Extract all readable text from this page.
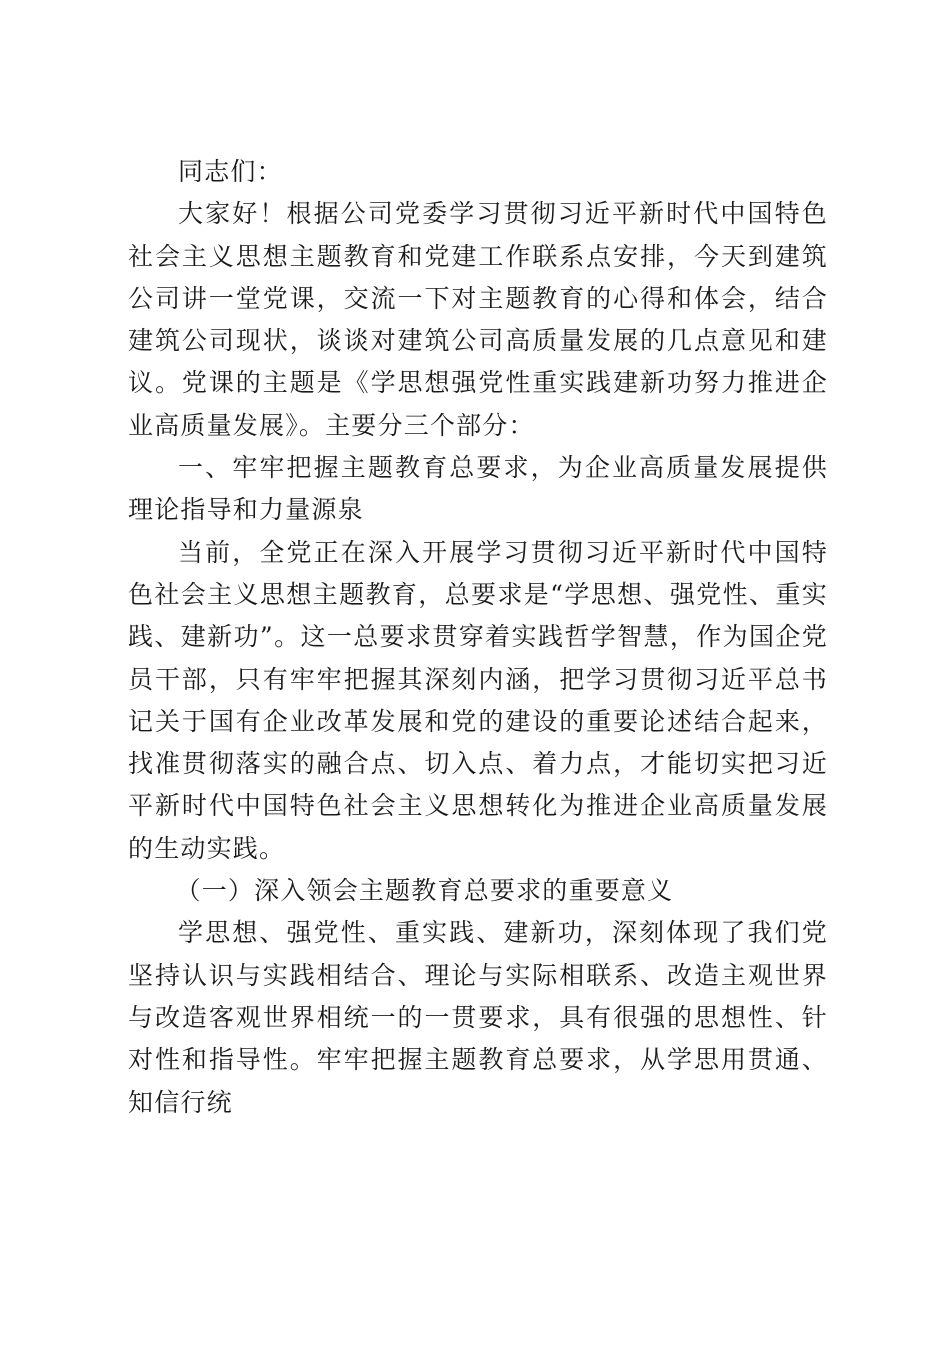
同志们：

大家好！根据公司党委学习贯彻习近平新时代中国特色社会主义思想主题教育和党建工作联系点安排，今天到建筑公司讲一堂党课，交流一下对主题教育的心得和体会，结合建筑公司现状，谈谈对建筑公司高质量发展的几点意见和建议。党课的主题是《学思想强党性重实践建新功努力推进企业高质量发展》。主要分三个部分：

一、牢牢把握主题教育总要求，为企业高质量发展提供理论指导和力量源泉

当前，全党正在深入开展学习贯彻习近平新时代中国特色社会主义思想主题教育，总要求是“学思想、强党性、重实践、建新功”。这一总要求贯穿着实践哲学智慧，作为国企党员干部，只有牢牢把握其深刻内涵，把学习贯彻习近平总书记关于国有企业改革发展和党的建设的重要论述结合起来，找准贯彻落实的融合点、切入点、着力点，才能切实把习近平新时代中国特色社会主义思想转化为推进企业高质量发展的生动实践。

（一）深入领会主题教育总要求的重要意义

学思想、强党性、重实践、建新功，深刻体现了我们党坚持认识与实践相结合、理论与实际相联系、改造主观世界与改造客观世界相统一的一贯要求，具有很强的思想性、针对性和指导性。牢牢把握主题教育总要求，从学思用贯通、知信行统
